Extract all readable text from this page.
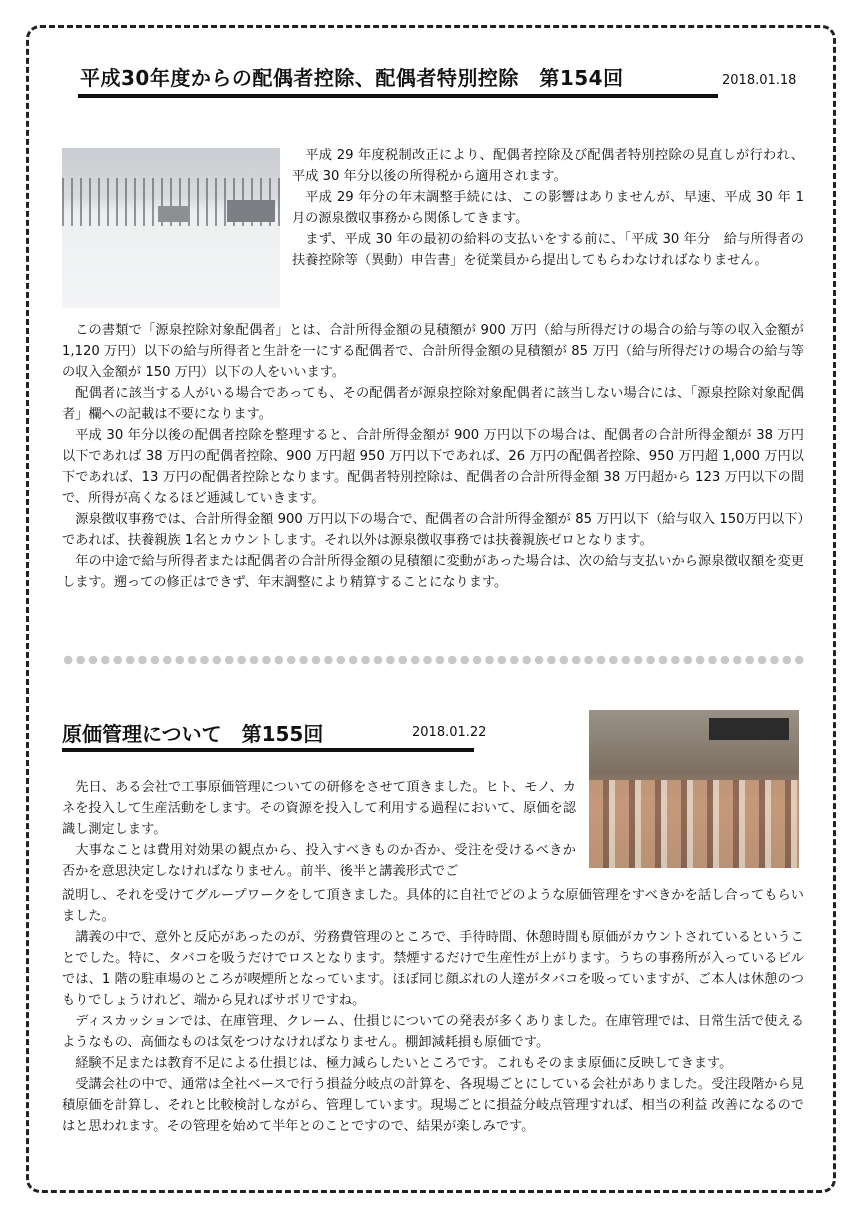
平成30年度からの配偶者控除、配偶者特別控除　第154回	2018.01.18

平成 29 年度税制改正により、配偶者控除及び配偶者特別控除の見直しが行われ、平成 30 年分以後の所得税から適用されます。

平成 29 年分の年末調整手続には、この影響はありませんが、早速、平成 30 年 1 月の源泉徴収事務から関係してきます。

まず、平成 30 年の最初の給料の支払いをする前に、「平成 30 年分　給与所得者の扶養控除等（異動）申告書」を従業員から提出してもらわなければなりません。

この書類で「源泉控除対象配偶者」とは、合計所得金額の見積額が 900 万円（給与所得だけの場合の給与等の収入金額が 1,120 万円）以下の給与所得者と生計を一にする配偶者で、合計所得金額の見積額が 85 万円（給与所得だけの場合の給与等の収入金額が 150 万円）以下の人をいいます。

配偶者に該当する人がいる場合であっても、その配偶者が源泉控除対象配偶者に該当しない場合には、「源泉控除対象配偶者」欄への記載は不要になります。

平成 30 年分以後の配偶者控除を整理すると、合計所得金額が 900 万円以下の場合は、配偶者の合計所得金額が 38 万円以下であれば 38 万円の配偶者控除、900 万円超 950 万円以下であれば、26 万円の配偶者控除、950 万円超 1,000 万円以下であれば、13 万円の配偶者控除となります。配偶者特別控除は、配偶者の合計所得金額 38 万円超から 123 万円以下の間で、所得が高くなるほど逓減していきます。

源泉徴収事務では、合計所得金額 900 万円以下の場合で、配偶者の合計所得金額が 85 万円以下（給与収入 150万円以下）であれば、扶養親族 1名とカウントします。それ以外は源泉徴収事務では扶養親族ゼロとなります。

年の中途で給与所得者または配偶者の合計所得金額の見積額に変動があった場合は、次の給与支払いから源泉徴収額を変更します。遡っての修正はできず、年末調整により精算することになります。

原価管理について　第155回	2018.01.22

先日、ある会社で工事原価管理についての研修をさせて頂きました。ヒト、モノ、カネを投入して生産活動をします。その資源を投入して利用する過程において、原価を認識し測定します。

大事なことは費用対効果の観点から、投入すべきものか否か、受注を受けるべきか否かを意思決定しなければなりません。前半、後半と講義形式でご

説明し、それを受けてグループワークをして頂きました。具体的に自社でどのような原価管理をすべきかを話し合ってもらいました。

講義の中で、意外と反応があったのが、労務費管理のところで、手待時間、休憩時間も原価がカウントされているということでした。特に、タバコを吸うだけでロスとなります。禁煙するだけで生産性が上がります。うちの事務所が入っているビルでは、1 階の駐車場のところが喫煙所となっています。ほぼ同じ顔ぶれの人達がタバコを吸っていますが、ご本人は休憩のつもりでしょうけれど、端から見ればサボリですね。

ディスカッションでは、在庫管理、クレーム、仕損じについての発表が多くありました。在庫管理では、日常生活で使えるようなもの、高価なものは気をつけなければなりません。棚卸減耗損も原価です。

経験不足または教育不足による仕損じは、極力減らしたいところです。これもそのまま原価に反映してきます。

受講会社の中で、通常は全社ベースで行う損益分岐点の計算を、各現場ごとにしている会社がありました。受注段階から見積原価を計算し、それと比較検討しながら、管理しています。現場ごとに損益分岐点管理すれば、相当の利益 改善になるのではと思われます。その管理を始めて半年とのことですので、結果が楽しみです。
